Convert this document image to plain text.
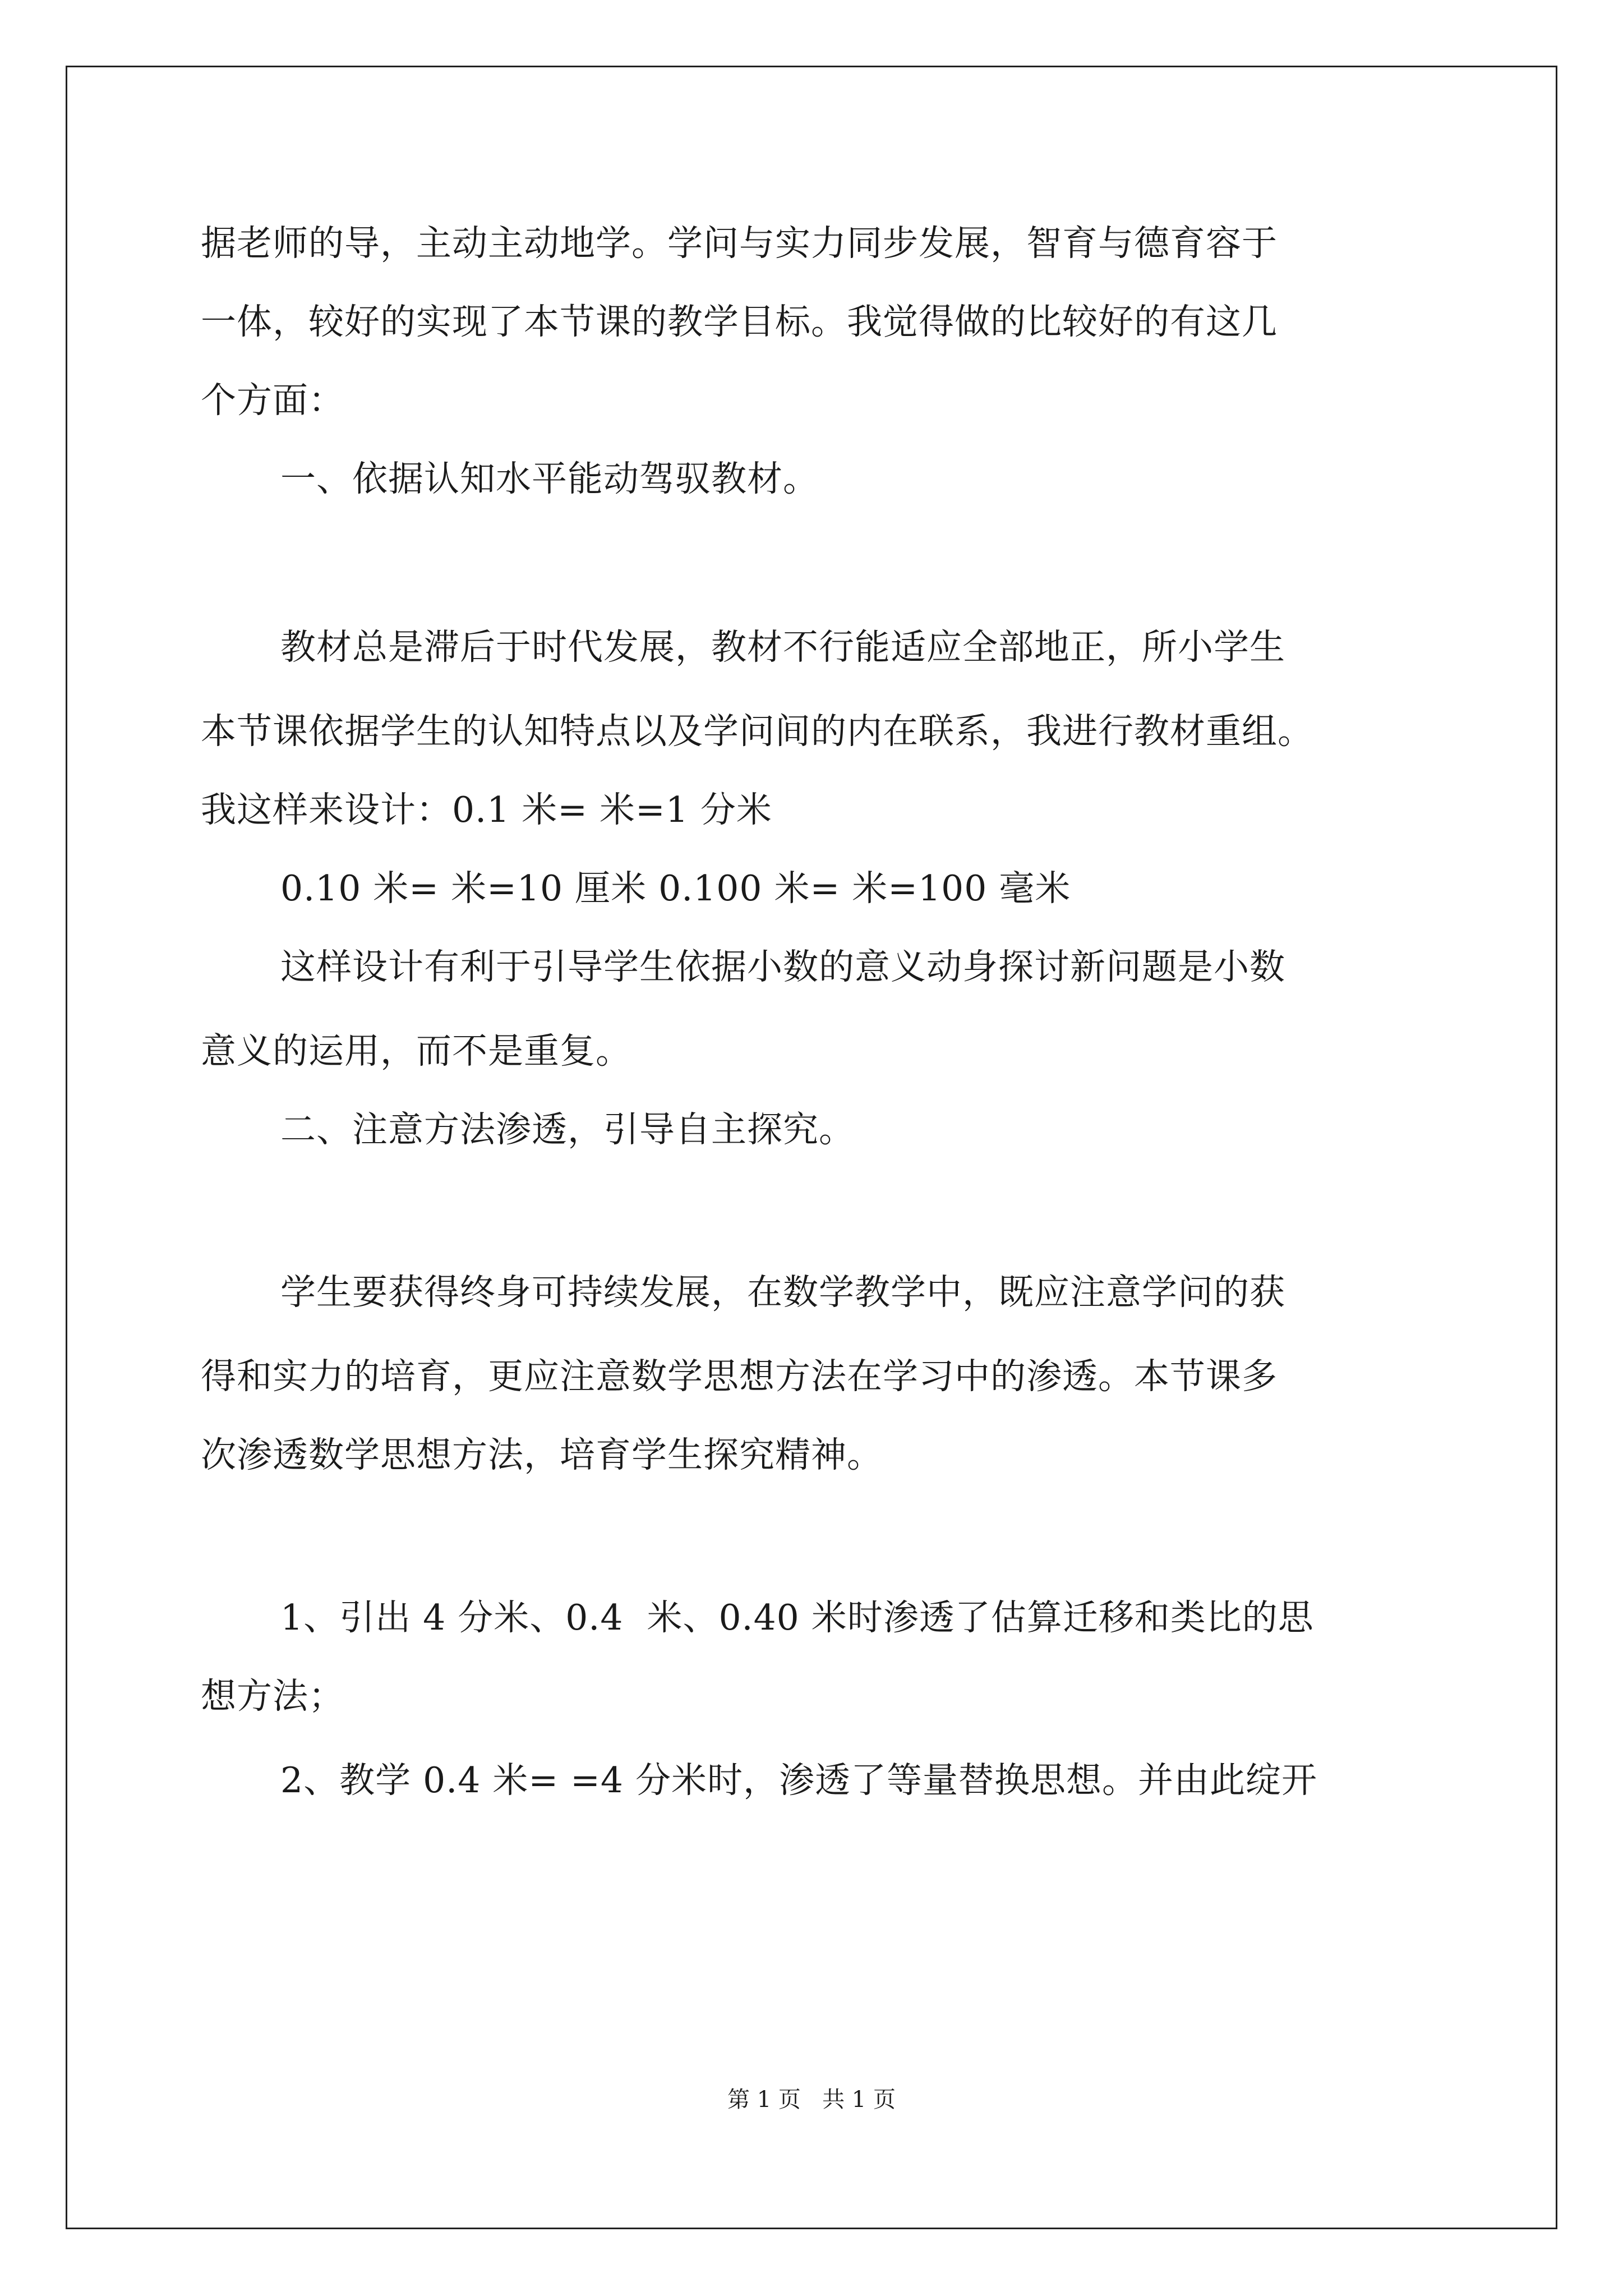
据老师的导，主动主动地学。学问与实力同步发展，智育与德育容于

一体，较好的实现了本节课的教学目标。我觉得做的比较好的有这几

个方面：

一、依据认知水平能动驾驭教材。

教材总是滞后于时代发展，教材不行能适应全部地正，所小学生

本节课依据学生的认知特点以及学问间的内在联系，我进行教材重组。

我这样来设计：0.1 米= 米=1 分米

0.10 米= 米=10 厘米 0.100 米= 米=100 毫米

这样设计有利于引导学生依据小数的意义动身探讨新问题是小数

意义的运用，而不是重复。

二、注意方法渗透，引导自主探究。

学生要获得终身可持续发展，在数学教学中，既应注意学问的获

得和实力的培育，更应注意数学思想方法在学习中的渗透。本节课多

次渗透数学思想方法，培育学生探究精神。

1、引出 4 分米、0.4  米、0.40 米时渗透了估算迁移和类比的思

想方法；

2、教学 0.4 米= =4 分米时，渗透了等量替换思想。并由此绽开

第 1 页   共 1 页
